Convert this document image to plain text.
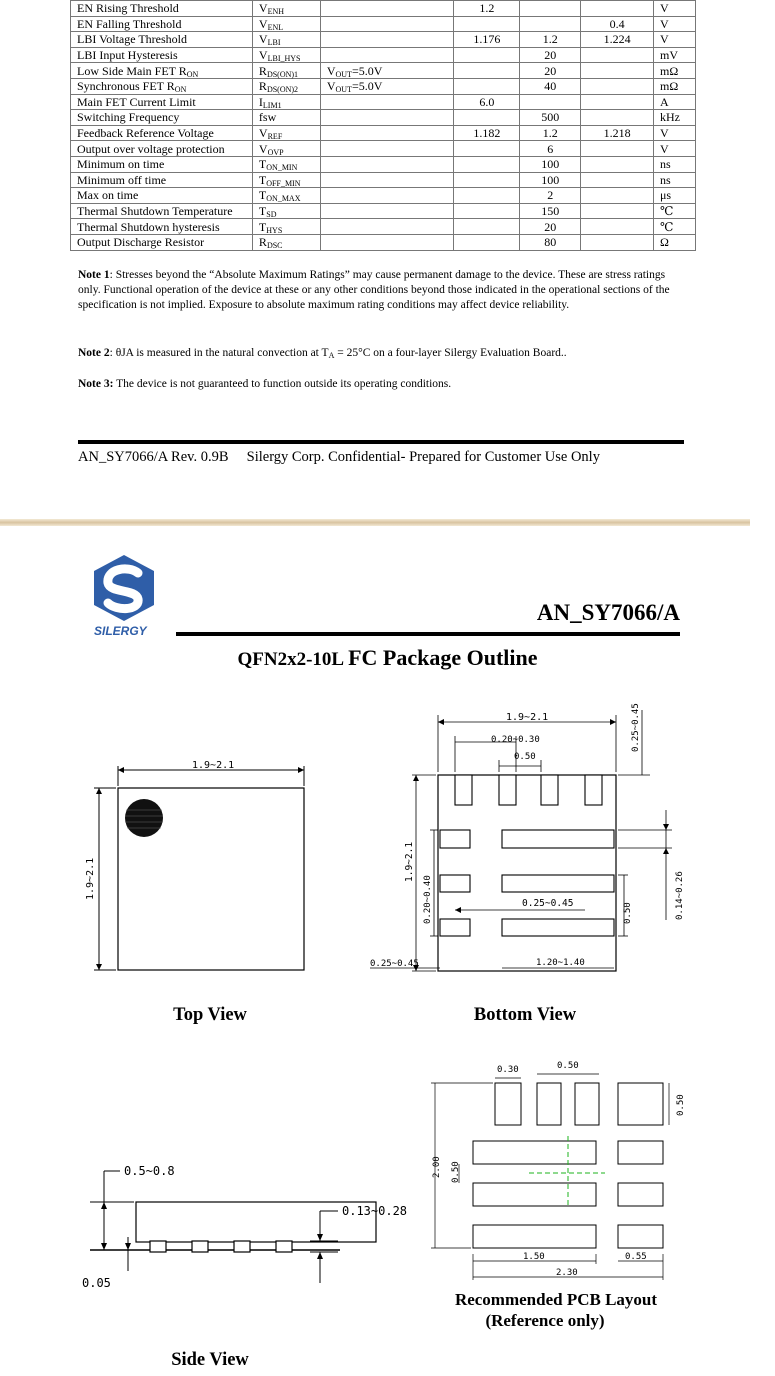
EN Rising Threshold	$V_{ENH}$		1.2			V
EN Falling Threshold	$V_{ENL}$				0.4	V
LBI Voltage Threshold	$V_{LBI}$		1.176	1.2	1.224	V
LBI Input Hysteresis	$V_{LBI\_HYS}$			20		mV
Low Side Main FET $R_{ON}$	$R_{DS(ON)1}$	$V_{OUT}=5.0V$		20		mΩ
Synchronous FET $R_{ON}$	$R_{DS(ON)2}$	$V_{OUT}=5.0V$		40		mΩ
Main FET Current Limit	$I_{LIM1}$		6.0			A
Switching Frequency	fsw			500		kHz
Feedback Reference Voltage	$V_{REF}$		1.182	1.2	1.218	V
Output over voltage protection	$V_{OVP}$			6		V
Minimum on time	$T_{ON\_MIN}$			100		ns
Minimum off time	$T_{OFF\_MIN}$			100		ns
Max on time	$T_{ON\_MAX}$			2		μs
Thermal Shutdown Temperature	$T_{SD}$			150		℃
Thermal Shutdown hysteresis	$T_{HYS}$			20		℃
Output Discharge Resistor	$R_{DSC}$			80		Ω
Note 1: Stresses beyond the “Absolute Maximum Ratings” may cause permanent damage to the device. These are stress ratings only. Functional operation of the device at these or any other conditions beyond those indicated in the operational sections of the specification is not implied. Exposure to absolute maximum rating conditions may affect device reliability.
Note 2: θJA is measured in the natural convection at $T_A = 25^\circ C$ on a four-layer Silergy Evaluation Board..
Note 3: The device is not guaranteed to function outside its operating conditions.
AN_SY7066/A Rev. 0.9B     Silergy Corp. Confidential- Prepared for Customer Use Only
SILERGY
AN_SY7066/A
QFN2x2-10L FC Package Outline
1.9~2.1
1.9~2.1
1.9~2.1
0.20~0.30
0.50
1.9~2.1
0.20~0.40	0.25~0.45	0.50	0.14~0.26
0.25~0.45
0.25~0.45	1.20~1.40
Top View	Bottom View
0.5~0.8
0.05
0.13~0.28
Side View
0.30	0.50
0.50
2.00 0.50
1.50	0.55
2.30
Recommended PCB Layout
(Reference only)
